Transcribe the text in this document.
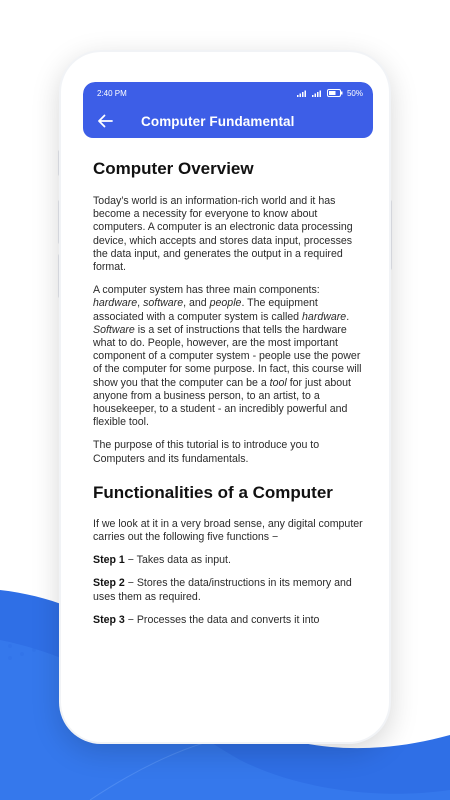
2:40 PM	50 %
Computer Fundamental
Computer Overview

Today’s world is an information-rich world and it has become a necessity for everyone to know about computers. A computer is an electronic data processing device, which accepts and stores data input, processes the data input, and generates the output in a required format.

A computer system has three main components: hardware, software, and people. The equipment associated with a computer system is called hardware. Software is a set of instructions that tells the hardware what to do. People, however, are the most important component of a computer system - people use the power of the computer for some purpose. In fact, this course will show you that the computer can be a tool for just about anyone from a business person, to an artist, to a housekeeper, to a student - an incredibly powerful and flexible tool.

The purpose of this tutorial is to introduce you to Computers and its fundamentals.

Functionalities of a Computer

If we look at it in a very broad sense, any digital computer carries out the following five functions −

Step 1 − Takes data as input.

Step 2 − Stores the data/instructions in its memory and uses them as required.

Step 3 − Processes the data and converts it into
